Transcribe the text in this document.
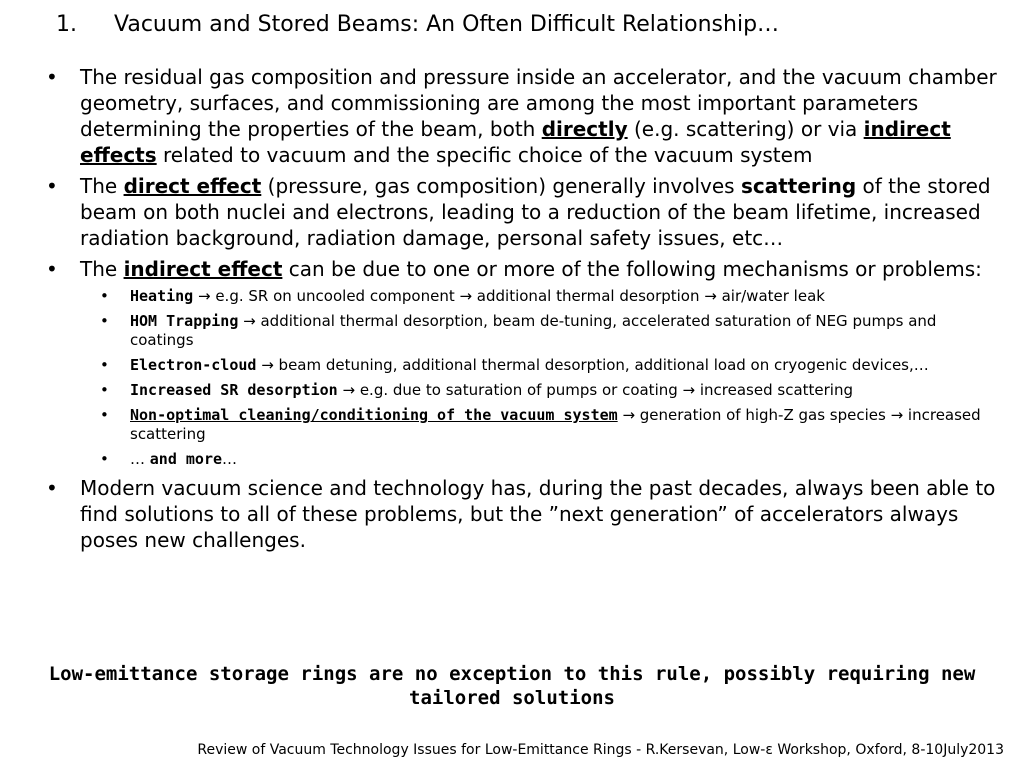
1. Vacuum and Stored Beams: An Often Difficult Relationship…
• The residual gas composition and pressure inside an accelerator, and the vacuum chamber geometry, surfaces, and commissioning are among the most important parameters determining the properties of the beam, both directly (e.g. scattering) or via indirect effects related to vacuum and the specific choice of the vacuum system
• The direct effect (pressure, gas composition) generally involves scattering of the stored beam on both nuclei and electrons, leading to a reduction of the beam lifetime, increased radiation background, radiation damage, personal safety issues, etc…
• The indirect effect can be due to one or more of the following mechanisms or problems:
• Heating → e.g. SR on uncooled component → additional thermal desorption → air/water leak
• HOM Trapping → additional thermal desorption, beam de-tuning, accelerated saturation of NEG pumps and coatings
• Electron-cloud → beam detuning, additional thermal desorption, additional load on cryogenic devices,…
• Increased SR desorption → e.g. due to saturation of pumps or coating → increased scattering
• Non-optimal cleaning/conditioning of the vacuum system → generation of high-Z gas species → increased scattering
• … and more…
• Modern vacuum science and technology has, during the past decades, always been able to find solutions to all of these problems, but the ”next generation” of accelerators always poses new challenges.
Low-emittance storage rings are no exception to this rule, possibly requiring new tailored solutions
Review of Vacuum Technology Issues for Low-Emittance Rings - R.Kersevan, Low-ε Workshop, Oxford, 8-10July2013
